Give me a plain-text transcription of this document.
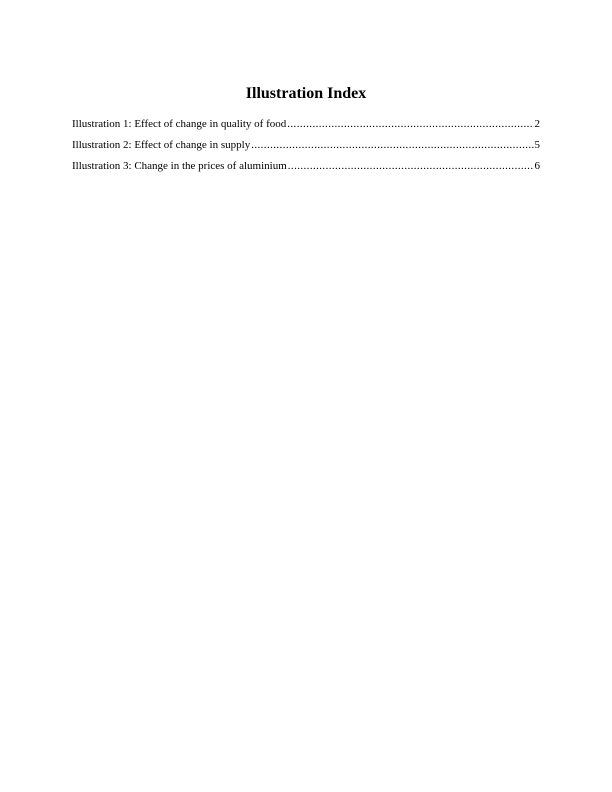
Illustration Index
Illustration 1: Effect of change in quality of food .....	2
Illustration 2: Effect of change in supply .....	5
Illustration 3: Change in the prices of aluminium .....	6
